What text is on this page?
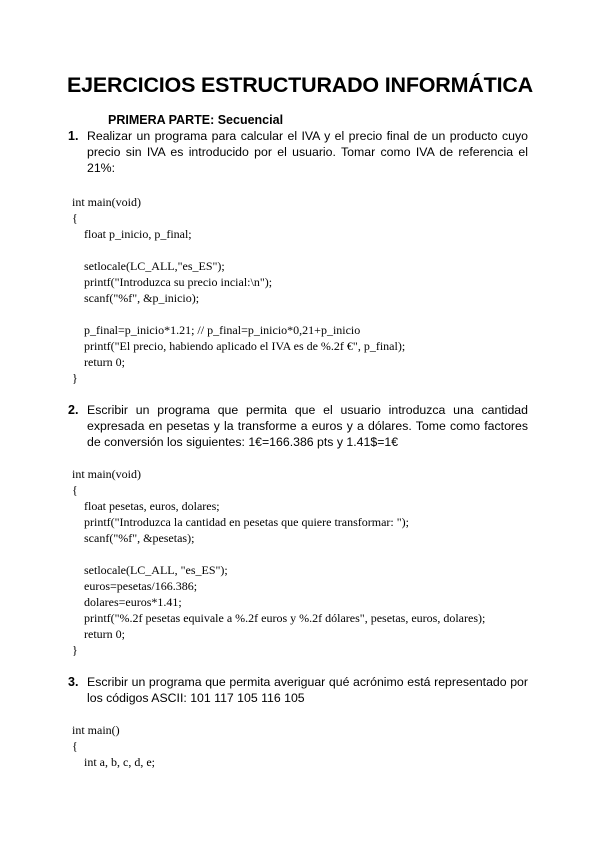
EJERCICIOS ESTRUCTURADO INFORMÁTICA

PRIMERA PARTE: Secuencial

1. Realizar un programa para calcular el IVA y el precio final de un producto cuyo precio sin IVA es introducido por el usuario. Tomar como IVA de referencia el 21%:

int main(void)
{
float p_inicio, p_final;

setlocale(LC_ALL,"es_ES");
printf("Introduzca su precio incial:\n");
scanf("%f", &p_inicio);

p_final=p_inicio*1.21; // p_final=p_inicio*0,21+p_inicio
printf("El precio, habiendo aplicado el IVA es de %.2f €", p_final);
return 0;
}
2. Escribir un programa que permita que el usuario introduzca una cantidad expresada en pesetas y la transforme a euros y a dólares. Tome como factores de conversión los siguientes: 1€=166.386 pts y 1.41$=1€

int main(void)
{
float pesetas, euros, dolares;
printf("Introduzca la cantidad en pesetas que quiere transformar: ");
scanf("%f", &pesetas);

setlocale(LC_ALL, "es_ES");
euros=pesetas/166.386;
dolares=euros*1.41;
printf("%.2f pesetas equivale a %.2f euros y %.2f dólares", pesetas, euros, dolares);
return 0;
}
3. Escribir un programa que permita averiguar qué acrónimo está representado por los códigos ASCII: 101 117 105 116 105

int main()
{
int a, b, c, d, e;
